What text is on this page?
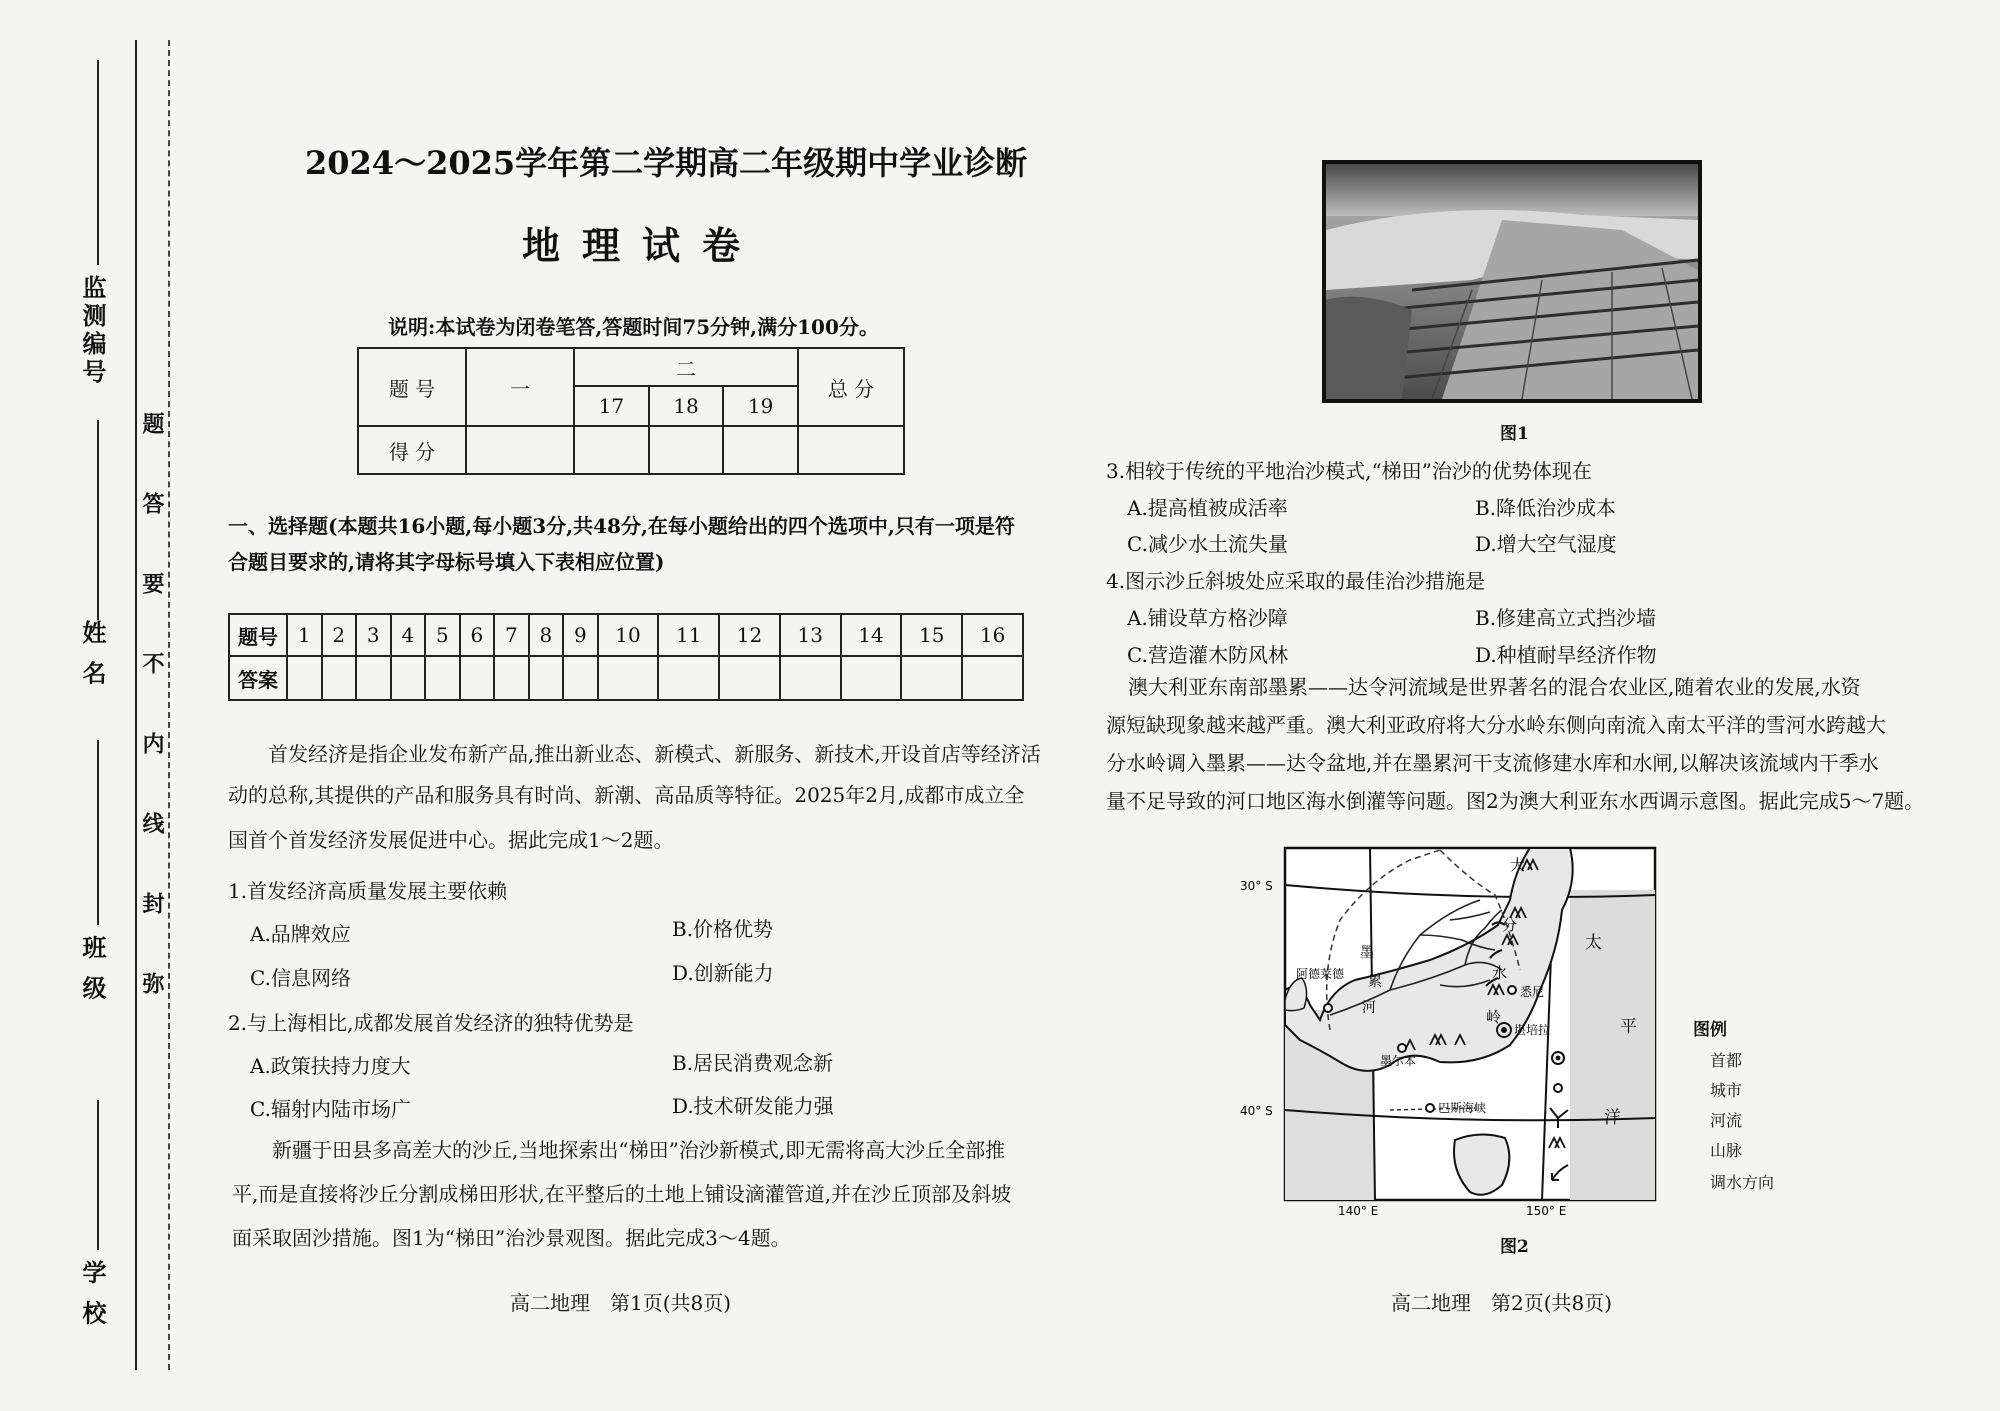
监测编号
姓 名
班 级
学 校
题
答
要
不
内
线
封
弥
2024～2025学年第二学期高二年级期中学业诊断
地理试卷
说明:本试卷为闭卷笔答,答题时间75分钟,满分100分。
题 号	一	二			总 分
		17	18	19	
得 分					
一、选择题(本题共16小题,每小题3分,共48分,在每小题给出的四个选项中,只有一项是符
合题目要求的,请将其字母标号填入下表相应位置)
题号	1	2	3	4	5	6	7	8	9	10	11	12	13	14	15	16
答案																
首发经济是指企业发布新产品,推出新业态、新模式、新服务、新技术,开设首店等经济活
动的总称,其提供的产品和服务具有时尚、新潮、高品质等特征。2025年2月,成都市成立全
国首个首发经济发展促进中心。据此完成1～2题。
1.首发经济高质量发展主要依赖
A.品牌效应	B.价格优势
C.信息网络	D.创新能力
2.与上海相比,成都发展首发经济的独特优势是
A.政策扶持力度大	B.居民消费观念新
C.辐射内陆市场广	D.技术研发能力强
新疆于田县多高差大的沙丘,当地探索出“梯田”治沙新模式,即无需将高大沙丘全部推
平,而是直接将沙丘分割成梯田形状,在平整后的土地上铺设滴灌管道,并在沙丘顶部及斜坡
面采取固沙措施。图1为“梯田”治沙景观图。据此完成3～4题。
高二地理　第1页(共8页)
图1
3.相较于传统的平地治沙模式,“梯田”治沙的优势体现在
A.提高植被成活率	B.降低治沙成本
C.减少水土流失量	D.增大空气湿度
4.图示沙丘斜坡处应采取的最佳治沙措施是
A.铺设草方格沙障	B.修建高立式挡沙墙
C.营造灌木防风林	D.种植耐旱经济作物
澳大利亚东南部墨累——达令河流域是世界著名的混合农业区,随着农业的发展,水资
源短缺现象越来越严重。澳大利亚政府将大分水岭东侧向南流入南太平洋的雪河水跨越大
分水岭调入墨累——达令盆地,并在墨累河干支流修建水库和水闸,以解决该流域内干季水
量不足导致的河口地区海水倒灌等问题。图2为澳大利亚东水西调示意图。据此完成5～7题。
30° S
40° S
140° E	150° E
阿德莱德
墨尔本
悉尼
堪培拉
巴斯海峡
墨
累
河
大
分
水
岭
太
平
洋
图例
首都
城市
河流
山脉
调水方向
图2
高二地理　第2页(共8页)
